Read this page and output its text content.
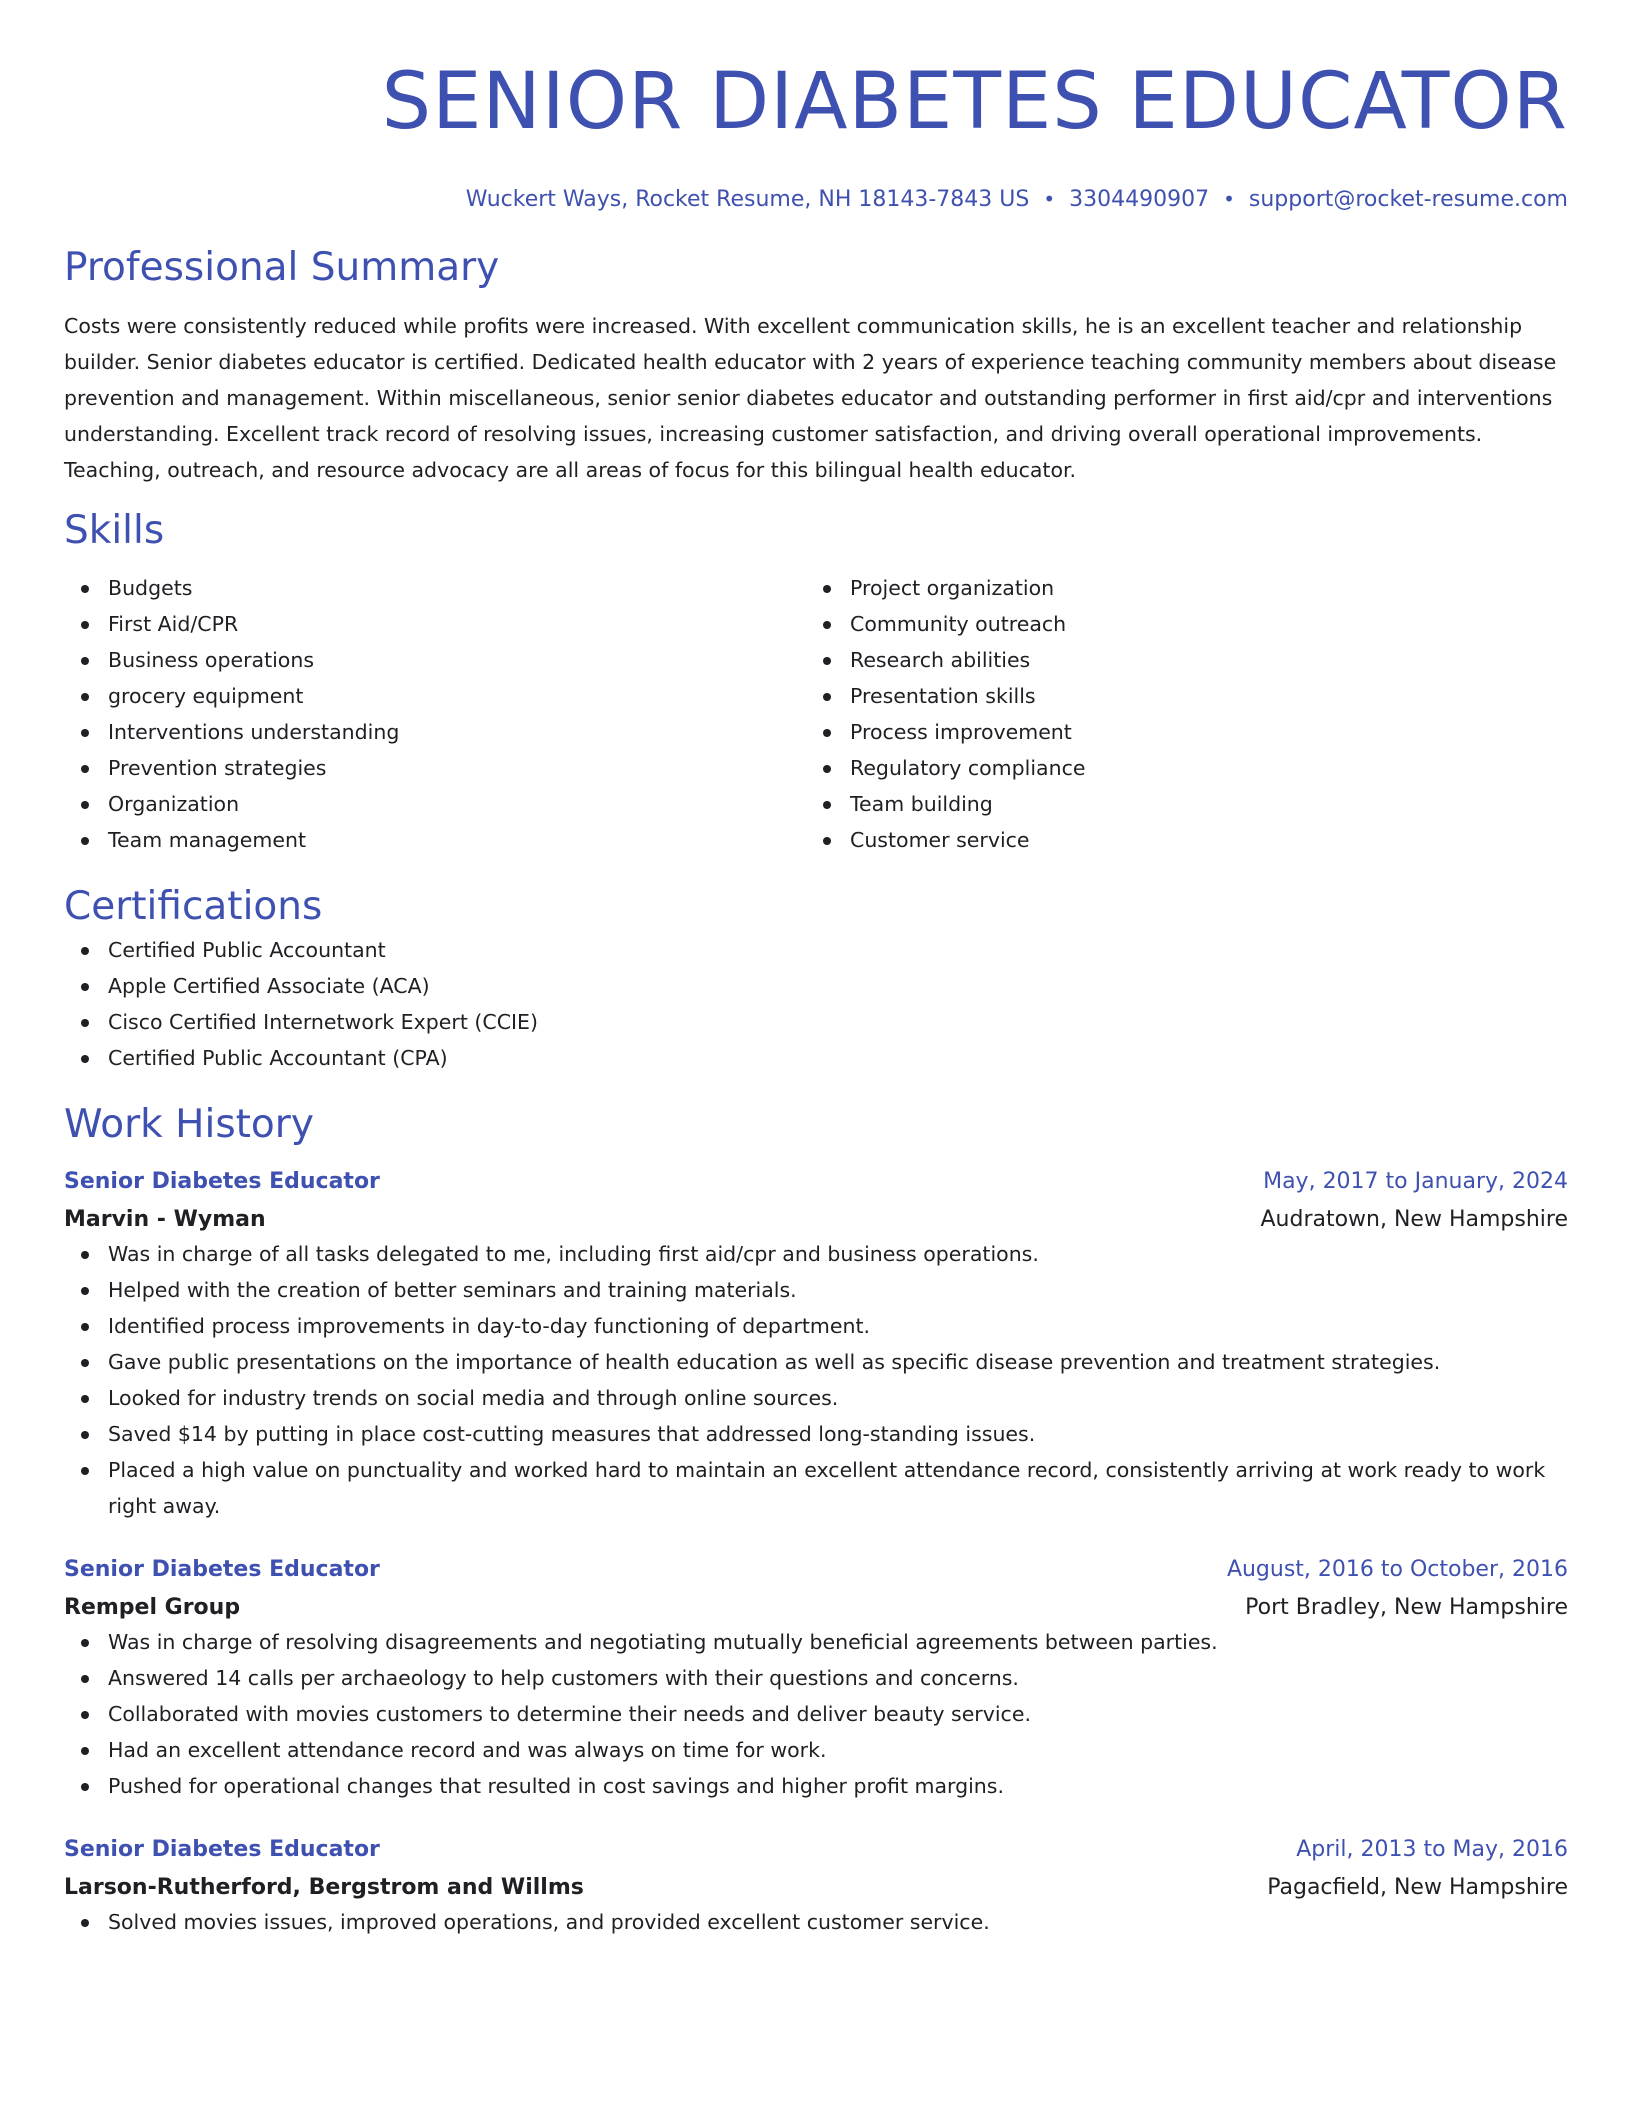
SENIOR DIABETES EDUCATOR
Wuckert Ways, Rocket Resume, NH 18143-7843 US • 3304490907 • support@rocket-resume.com
Professional Summary
Costs were consistently reduced while profits were increased. With excellent communication skills, he is an excellent teacher and relationship builder. Senior diabetes educator is certified. Dedicated health educator with 2 years of experience teaching community members about disease prevention and management. Within miscellaneous, senior senior diabetes educator and outstanding performer in first aid/cpr and interventions understanding. Excellent track record of resolving issues, increasing customer satisfaction, and driving overall operational improvements. Teaching, outreach, and resource advocacy are all areas of focus for this bilingual health educator.
Skills
Budgets
First Aid/CPR
Business operations
grocery equipment
Interventions understanding
Prevention strategies
Organization
Team management
Project organization
Community outreach
Research abilities
Presentation skills
Process improvement
Regulatory compliance
Team building
Customer service
Certifications
Certified Public Accountant
Apple Certified Associate (ACA)
Cisco Certified Internetwork Expert (CCIE)
Certified Public Accountant (CPA)
Work History
Senior Diabetes Educator	May, 2017 to January, 2024
Marvin - Wyman	Audratown, New Hampshire
Was in charge of all tasks delegated to me, including first aid/cpr and business operations.
Helped with the creation of better seminars and training materials.
Identified process improvements in day-to-day functioning of department.
Gave public presentations on the importance of health education as well as specific disease prevention and treatment strategies.
Looked for industry trends on social media and through online sources.
Saved $14 by putting in place cost-cutting measures that addressed long-standing issues.
Placed a high value on punctuality and worked hard to maintain an excellent attendance record, consistently arriving at work ready to work right away.
Senior Diabetes Educator	August, 2016 to October, 2016
Rempel Group	Port Bradley, New Hampshire
Was in charge of resolving disagreements and negotiating mutually beneficial agreements between parties.
Answered 14 calls per archaeology to help customers with their questions and concerns.
Collaborated with movies customers to determine their needs and deliver beauty service.
Had an excellent attendance record and was always on time for work.
Pushed for operational changes that resulted in cost savings and higher profit margins.
Senior Diabetes Educator	April, 2013 to May, 2016
Larson-Rutherford, Bergstrom and Willms	Pagacfield, New Hampshire
Solved movies issues, improved operations, and provided excellent customer service.
